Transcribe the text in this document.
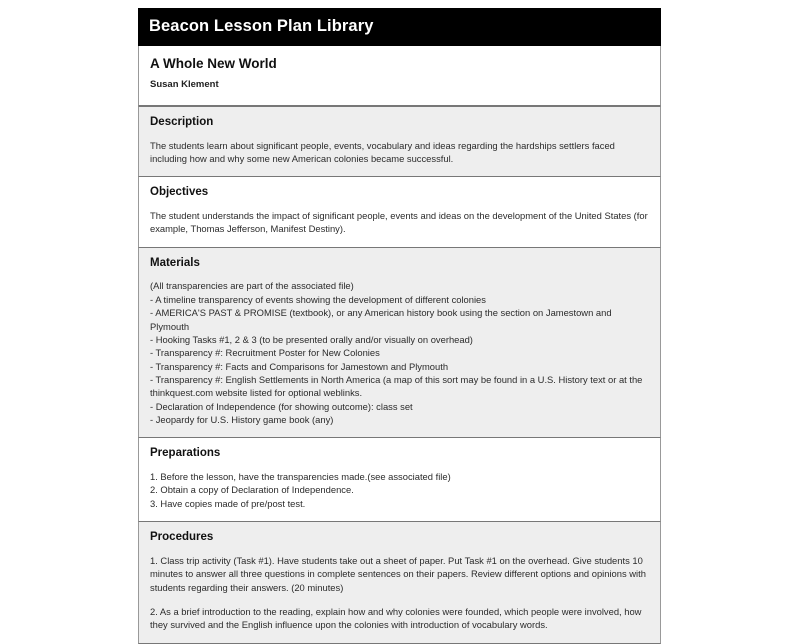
Beacon Lesson Plan Library
A Whole New World
Susan Klement
Description
The students learn about significant people, events, vocabulary and ideas regarding the hardships settlers faced including how and why some new American colonies became successful.
Objectives
The student understands the impact of significant people, events and ideas on the development of the United States (for example, Thomas Jefferson, Manifest Destiny).
Materials
(All transparencies are part of the associated file)
- A timeline transparency of events showing the development of different colonies
- AMERICA'S PAST & PROMISE (textbook), or any American history book using the section on Jamestown and Plymouth
- Hooking Tasks #1, 2 & 3 (to be presented orally and/or visually on overhead)
- Transparency #: Recruitment Poster for New Colonies
- Transparency #: Facts and Comparisons for Jamestown and Plymouth
- Transparency #: English Settlements in North America (a map of this sort may be found in a U.S. History text or at the thinkquest.com website listed for optional weblinks.
- Declaration of Independence (for showing outcome): class set
- Jeopardy for U.S. History game book (any)
Preparations
1. Before the lesson, have the transparencies made.(see associated file)
2. Obtain a copy of Declaration of Independence.
3. Have copies made of pre/post test.
Procedures

1. Class trip activity (Task #1). Have students take out a sheet of paper. Put Task #1 on the overhead. Give students 10 minutes to answer all three questions in complete sentences on their papers. Review different options and opinions with students regarding their answers. (20 minutes)

2. As a brief introduction to the reading, explain how and why colonies were founded, which people were involved, how they survived and the English influence upon the colonies with introduction of vocabulary words.
